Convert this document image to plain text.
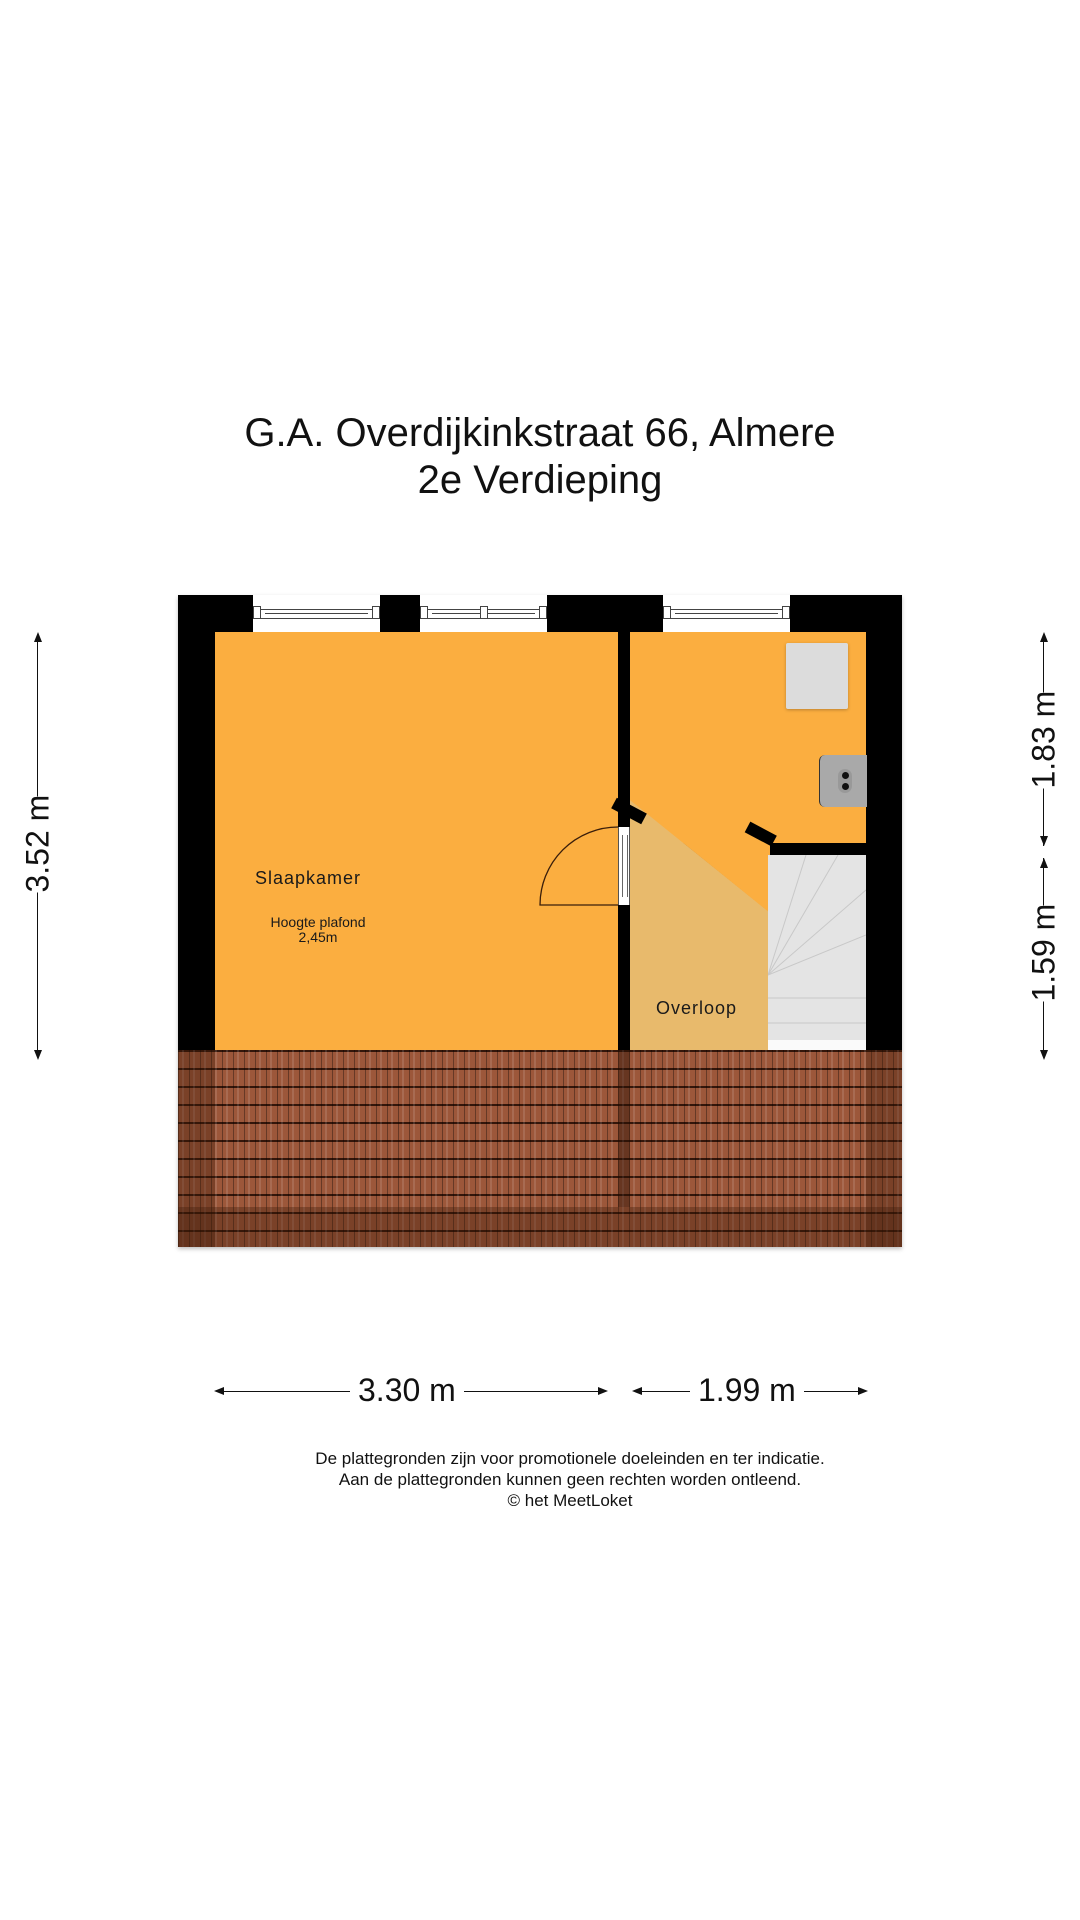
G.A. Overdijkinkstraat 66, Almere
2e Verdieping
Slaapkamer
Hoogte plafond
2,45m
Overloop
3.52 m
1.83 m
1.59 m
3.30 m	1.99 m
De plattegronden zijn voor promotionele doeleinden en ter indicatie.
Aan de plattegronden kunnen geen rechten worden ontleend.
© het MeetLoket
